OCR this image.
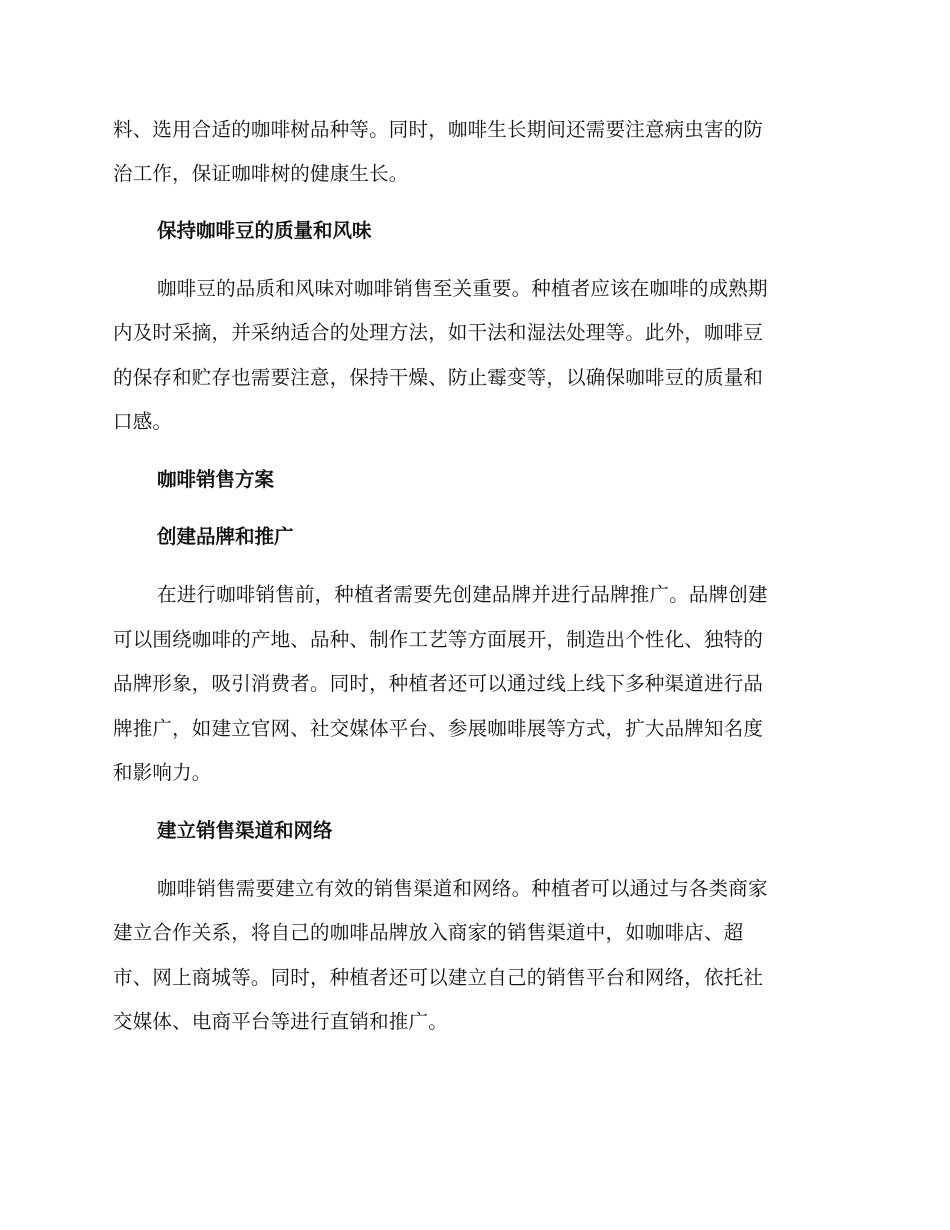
料、选用合适的咖啡树品种等。同时，咖啡生长期间还需要注意病虫害的防
治工作，保证咖啡树的健康生长。
保持咖啡豆的质量和风味
咖啡豆的品质和风味对咖啡销售至关重要。种植者应该在咖啡的成熟期
内及时采摘，并采纳适合的处理方法，如干法和湿法处理等。此外，咖啡豆
的保存和贮存也需要注意，保持干燥、防止霉变等，以确保咖啡豆的质量和
口感。
咖啡销售方案
创建品牌和推广
在进行咖啡销售前，种植者需要先创建品牌并进行品牌推广。品牌创建
可以围绕咖啡的产地、品种、制作工艺等方面展开，制造出个性化、独特的
品牌形象，吸引消费者。同时，种植者还可以通过线上线下多种渠道进行品
牌推广，如建立官网、社交媒体平台、参展咖啡展等方式，扩大品牌知名度
和影响力。
建立销售渠道和网络
咖啡销售需要建立有效的销售渠道和网络。种植者可以通过与各类商家
建立合作关系，将自己的咖啡品牌放入商家的销售渠道中，如咖啡店、超
市、网上商城等。同时，种植者还可以建立自己的销售平台和网络，依托社
交媒体、电商平台等进行直销和推广。
